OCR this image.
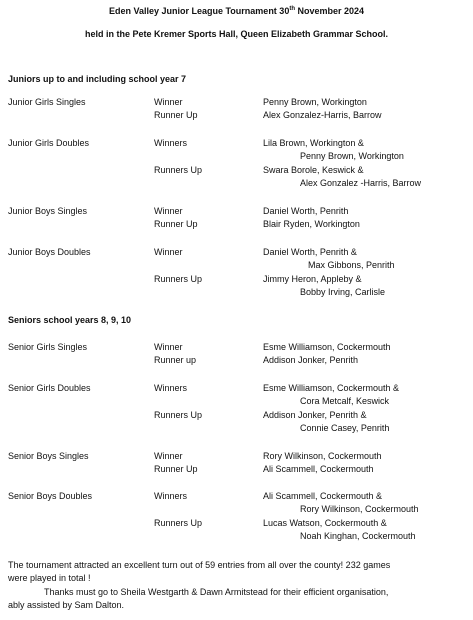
Eden Valley Junior League Tournament 30th November 2024
held in the Pete Kremer Sports Hall, Queen Elizabeth Grammar School.
Juniors up to and including school year 7
Junior Girls Singles	Winner	Penny Brown, Workington
Runner Up	Alex Gonzalez-Harris, Barrow
Junior Girls Doubles	Winners	Lila Brown, Workington &
Penny Brown, Workington
Runners Up	Swara Borole, Keswick &
Alex Gonzalez -Harris, Barrow
Junior Boys Singles	Winner	Daniel Worth, Penrith
Runner Up	Blair Ryden, Workington
Junior Boys Doubles	Winner	Daniel Worth, Penrith &
Max Gibbons, Penrith
Runners Up	Jimmy Heron, Appleby &
Bobby Irving, Carlisle
Seniors school years 8, 9, 10
Senior Girls Singles	Winner	Esme Williamson, Cockermouth
Runner up	Addison Jonker, Penrith
Senior Girls Doubles	Winners	Esme Williamson, Cockermouth &
Cora Metcalf, Keswick
Runners Up	Addison Jonker, Penrith &
Connie Casey, Penrith
Senior Boys Singles	Winner	Rory Wilkinson, Cockermouth
Runner Up	Ali Scammell, Cockermouth
Senior Boys Doubles	Winners	Ali Scammell, Cockermouth &
Rory Wilkinson, Cockermouth
Runners Up	Lucas Watson, Cockermouth &
Noah Kinghan, Cockermouth
The tournament attracted an excellent turn out of 59 entries from all over the county! 232 games
were played in total !
Thanks must go to Sheila Westgarth & Dawn Armitstead for their efficient organisation,
ably assisted by Sam Dalton.
